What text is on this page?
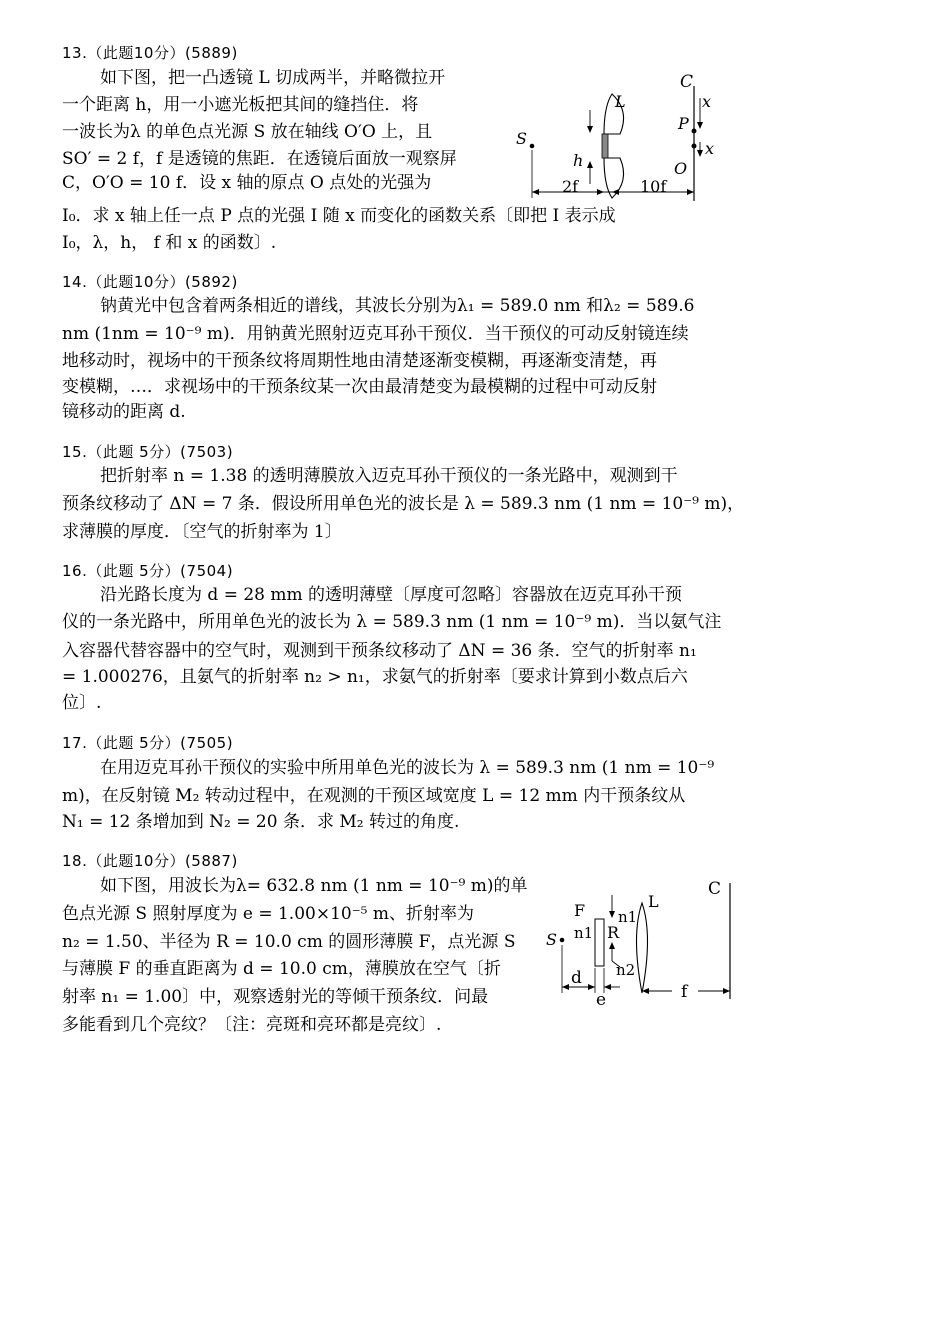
13.（此题10分）(5889)
如下图，把一凸透镜 L 切成两半，并略微拉开
一个距离 h，用一小遮光板把其间的缝挡住．将
一波长为λ 的单色点光源 S 放在轴线 O′O 上，且
SO′ = 2 f，f 是透镜的焦距．在透镜后面放一观察屏
C，O′O = 10 f．设 x 轴的原点 O 点处的光强为
I₀．求 x 轴上任一点 P 点的光强 I 随 x 而变化的函数关系〔即把 I 表示成
I₀，λ，h， f 和 x 的函数〕.
C
x
P
x
O
S
L
h
2f	10f
14.（此题10分）(5892)
钠黄光中包含着两条相近的谱线，其波长分别为λ₁ = 589.0 nm 和λ₂ = 589.6
nm (1nm = 10⁻⁹ m)．用钠黄光照射迈克耳孙干预仪．当干预仪的可动反射镜连续
地移动时，视场中的干预条纹将周期性地由清楚逐渐变模糊，再逐渐变清楚，再
变模糊，…．求视场中的干预条纹某一次由最清楚变为最模糊的过程中可动反射
镜移动的距离 d.
15.（此题 5分）(7503)
把折射率 n = 1.38 的透明薄膜放入迈克耳孙干预仪的一条光路中，观测到干
预条纹移动了 ΔN = 7 条．假设所用单色光的波长是 λ = 589.3 nm (1 nm = 10⁻⁹ m)，
求薄膜的厚度．〔空气的折射率为 1〕
16.（此题 5分）(7504)
沿光路长度为 d = 28 mm 的透明薄壁〔厚度可忽略〕容器放在迈克耳孙干预
仪的一条光路中，所用单色光的波长为 λ = 589.3 nm (1 nm = 10⁻⁹ m)．当以氨气注
入容器代替容器中的空气时，观测到干预条纹移动了 ΔN = 36 条．空气的折射率 n₁
= 1.000276，且氨气的折射率 n₂ > n₁，求氨气的折射率〔要求计算到小数点后六
位〕.
17.（此题 5分）(7505)
在用迈克耳孙干预仪的实验中所用单色光的波长为 λ = 589.3 nm (1 nm = 10⁻⁹
m)，在反射镜 M₂ 转动过程中，在观测的干预区域宽度 L = 12 mm 内干预条纹从
N₁ = 12 条增加到 N₂ = 20 条．求 M₂ 转过的角度.
18.（此题10分）(5887)
如下图，用波长为λ= 632.8 nm (1 nm = 10⁻⁹ m)的单
色点光源 S 照射厚度为 e = 1.00×10⁻⁵ m、折射率为
n₂ = 1.50、半径为 R = 10.0 cm 的圆形薄膜 F，点光源 S
与薄膜 F 的垂直距离为 d = 10.0 cm，薄膜放在空气〔折
射率 n₁ = 1.00〕中，观察透射光的等倾干预条纹．问最
多能看到几个亮纹？〔注：亮斑和亮环都是亮纹〕.
C
L
F n1
n1 R
n2
S
d
e	f
